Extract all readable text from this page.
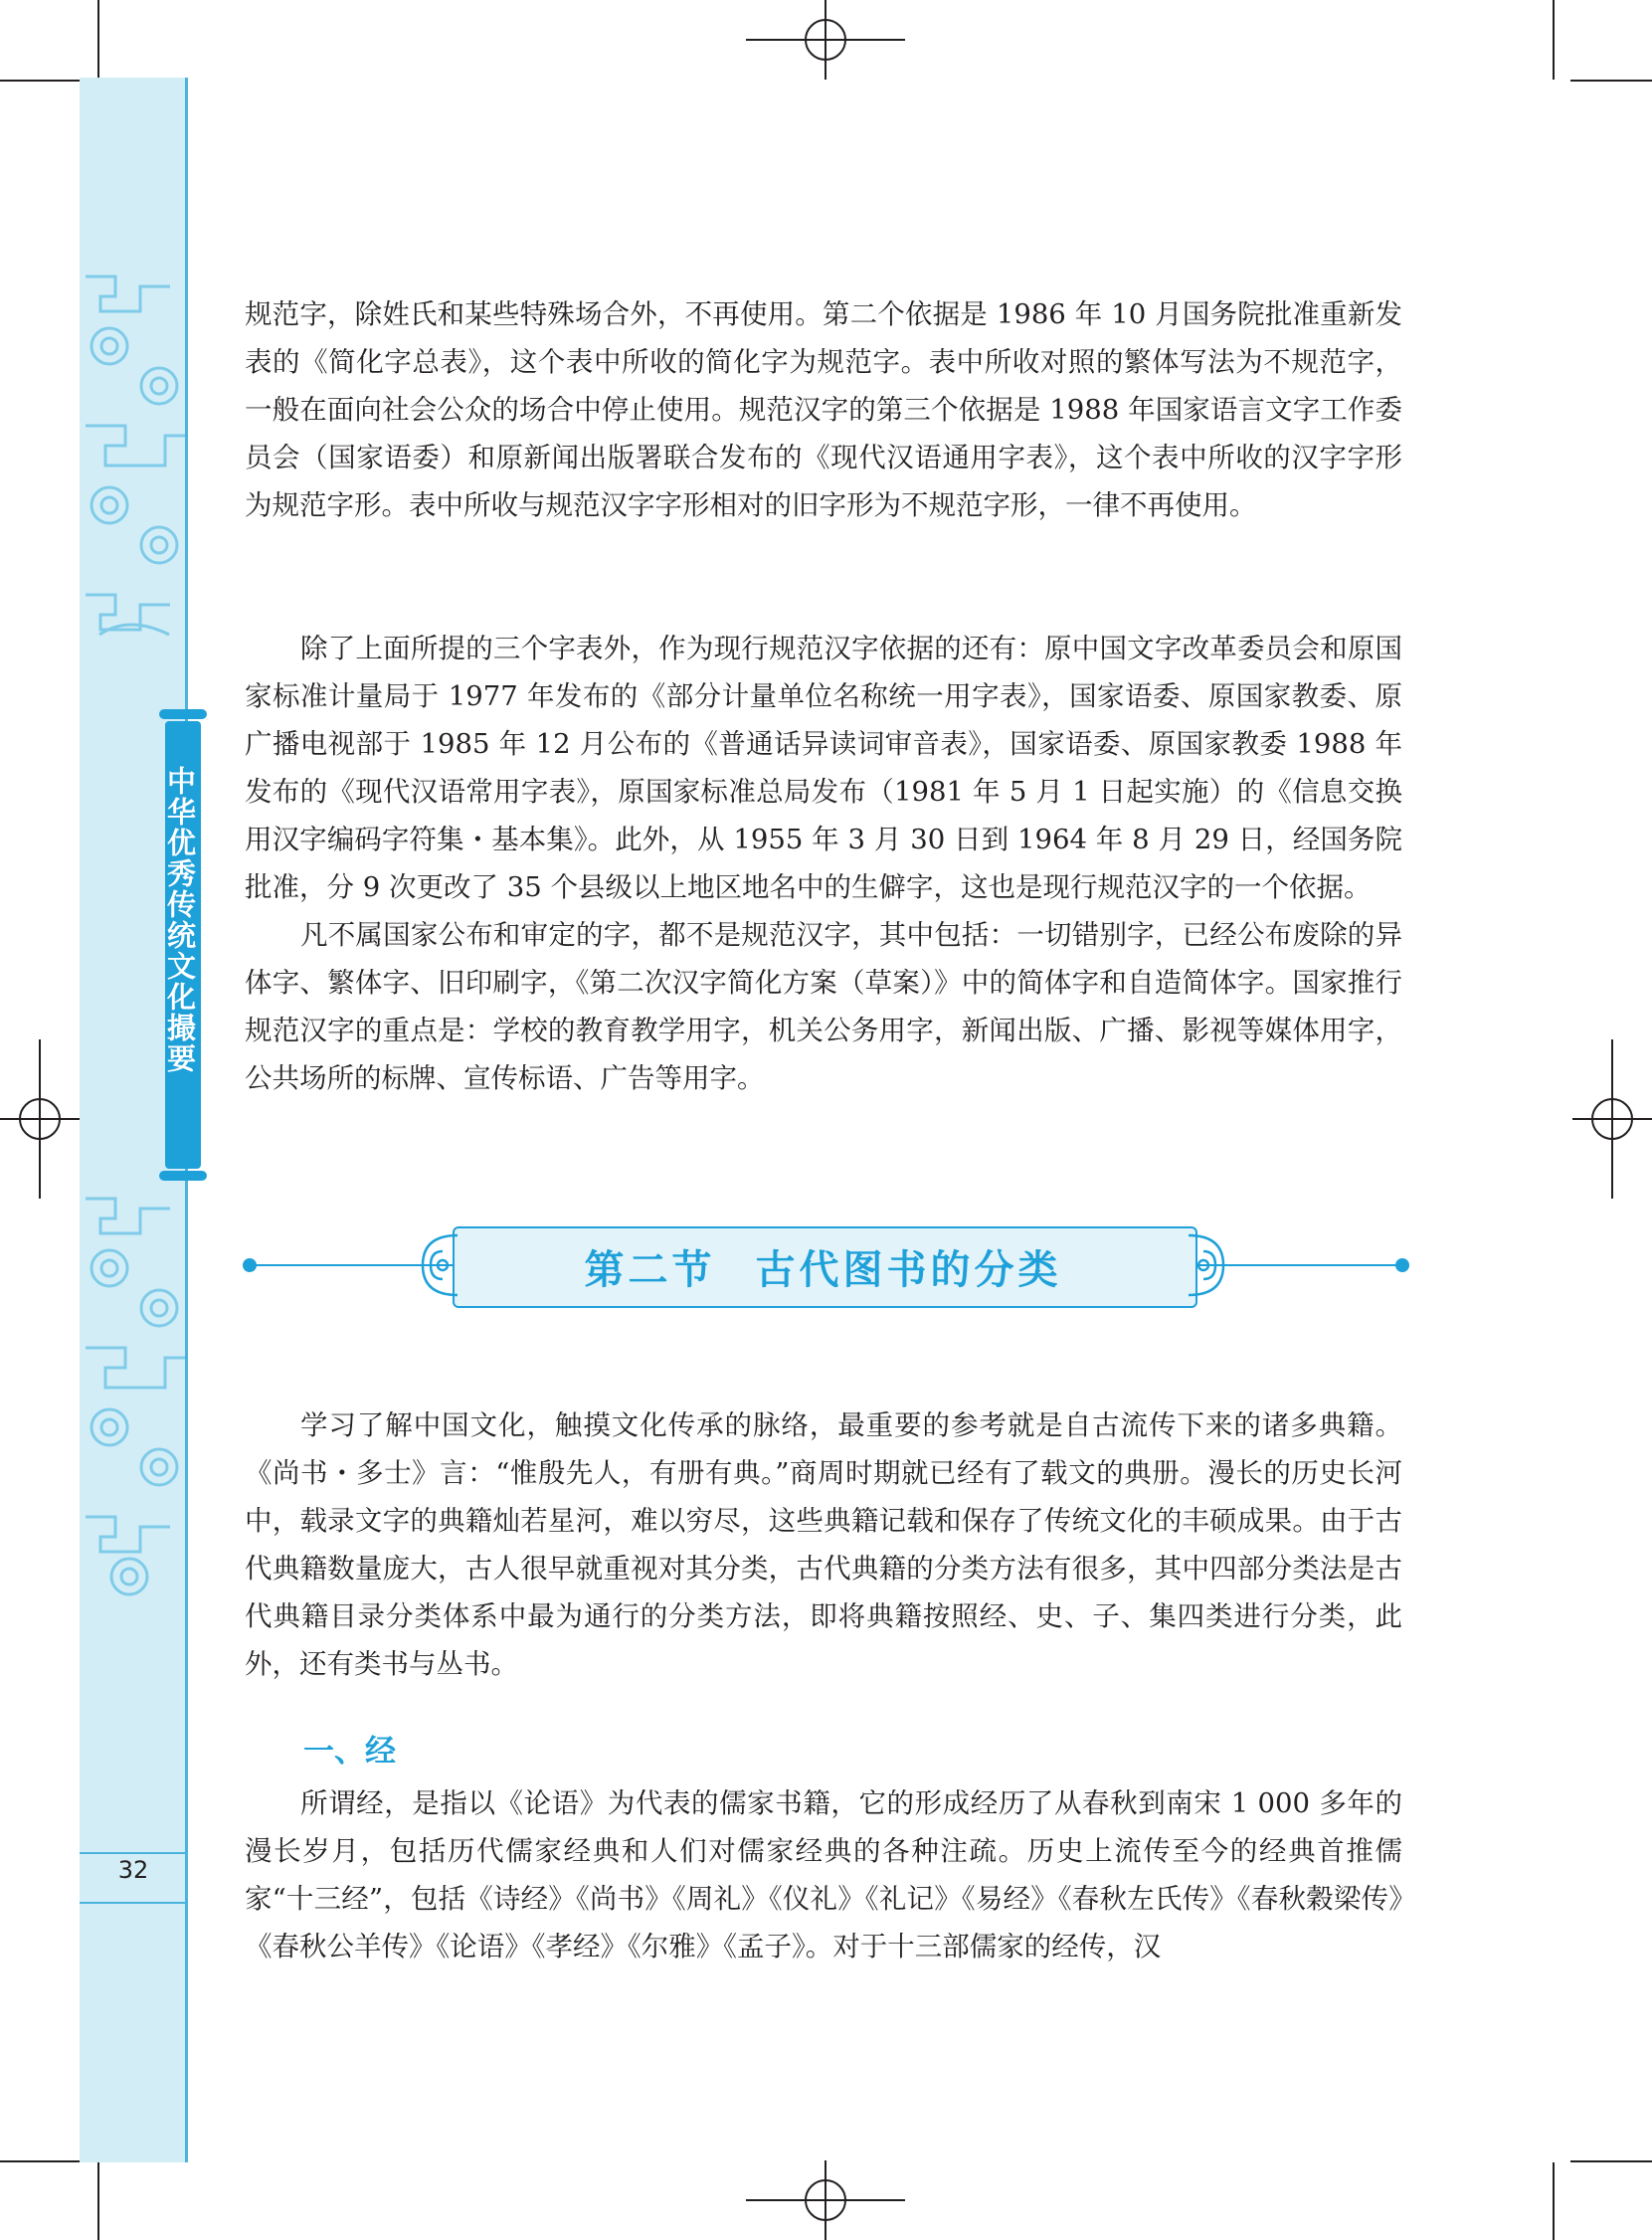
中华优秀传统文化撮要
32

规范字，除姓氏和某些特殊场合外，不再使用。第二个依据是 1986 年 10 月国务院批准重新发表的《简化字总表》，这个表中所收的简化字为规范字。表中所收对照的繁体写法为不规范字，一般在面向社会公众的场合中停止使用。规范汉字的第三个依据是 1988 年国家语言文字工作委员会（国家语委）和原新闻出版署联合发布的《现代汉语通用字表》，这个表中所收的汉字字形为规范字形。表中所收与规范汉字字形相对的旧字形为不规范字形，一律不再使用。

除了上面所提的三个字表外，作为现行规范汉字依据的还有：原中国文字改革委员会和原国家标准计量局于 1977 年发布的《部分计量单位名称统一用字表》，国家语委、原国家教委、原广播电视部于 1985 年 12 月公布的《普通话异读词审音表》，国家语委、原国家教委 1988 年发布的《现代汉语常用字表》，原国家标准总局发布（1981 年 5 月 1 日起实施）的《信息交换用汉字编码字符集・基本集》。此外，从 1955 年 3 月 30 日到 1964 年 8 月 29 日，经国务院批准，分 9 次更改了 35 个县级以上地区地名中的生僻字，这也是现行规范汉字的一个依据。

凡不属国家公布和审定的字，都不是规范汉字，其中包括：一切错别字，已经公布废除的异体字、繁体字、旧印刷字，《第二次汉字简化方案（草案）》中的简体字和自造简体字。国家推行规范汉字的重点是：学校的教育教学用字，机关公务用字，新闻出版、广播、影视等媒体用字，公共场所的标牌、宣传标语、广告等用字。

第二节 古代图书的分类

学习了解中国文化，触摸文化传承的脉络，最重要的参考就是自古流传下来的诸多典籍。《尚书・多士》言：“惟殷先人，有册有典。”商周时期就已经有了载文的典册。漫长的历史长河中，载录文字的典籍灿若星河，难以穷尽，这些典籍记载和保存了传统文化的丰硕成果。由于古代典籍数量庞大，古人很早就重视对其分类，古代典籍的分类方法有很多，其中四部分类法是古代典籍目录分类体系中最为通行的分类方法，即将典籍按照经、史、子、集四类进行分类，此外，还有类书与丛书。

一、经

所谓经，是指以《论语》为代表的儒家书籍，它的形成经历了从春秋到南宋 1 000 多年的漫长岁月，包括历代儒家经典和人们对儒家经典的各种注疏。历史上流传至今的经典首推儒家“十三经”，包括《诗经》《尚书》《周礼》《仪礼》《礼记》《易经》《春秋左氏传》《春秋穀梁传》《春秋公羊传》《论语》《孝经》《尔雅》《孟子》。对于十三部儒家的经传，汉
